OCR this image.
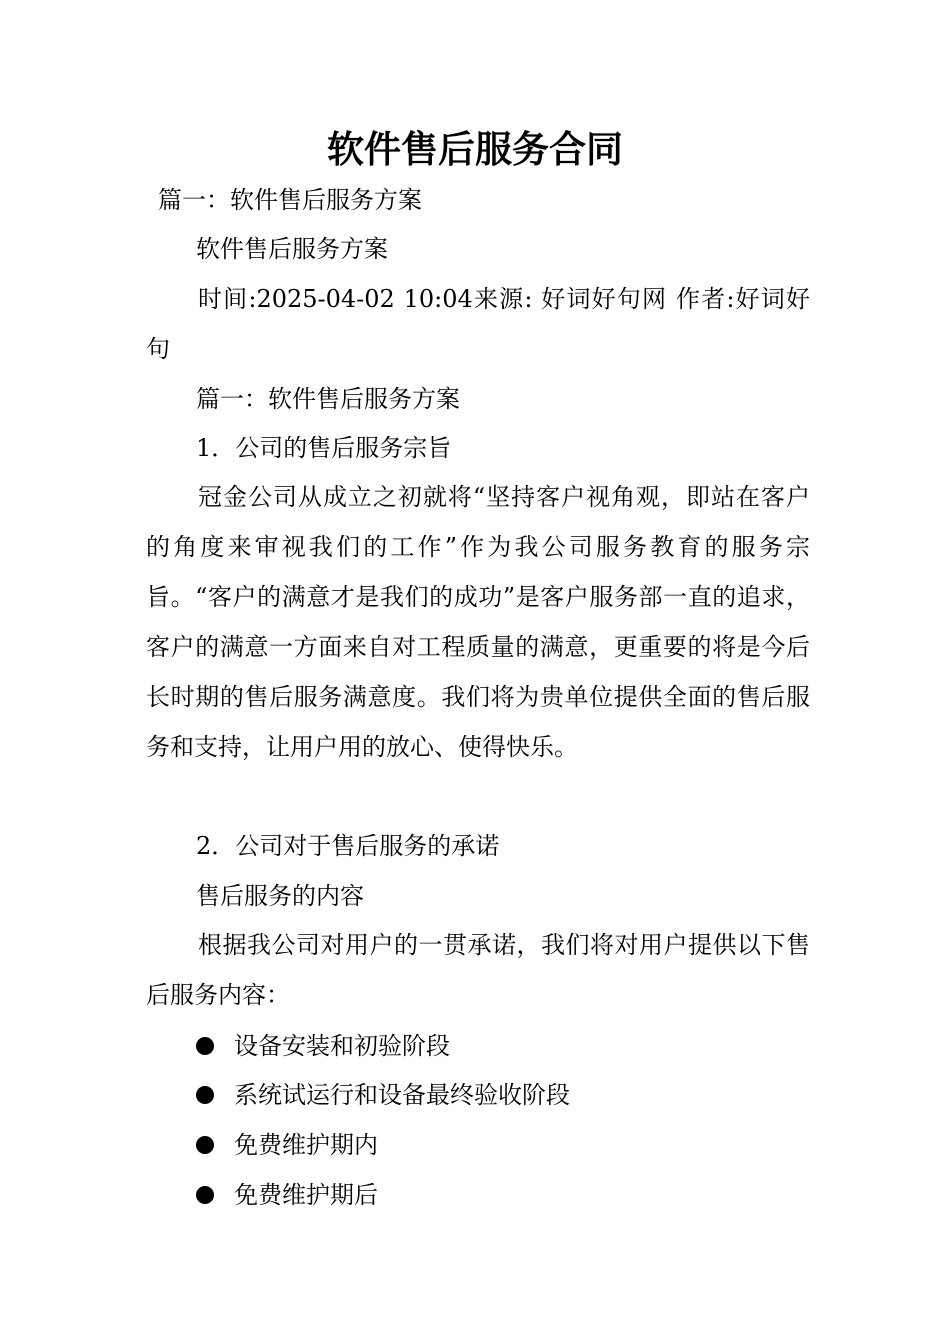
软件售后服务合同
篇一：软件售后服务方案
软件售后服务方案
时间:2025-04-02 10:04来源: 好词好句网 作者:好词好句
篇一：软件售后服务方案
1．公司的售后服务宗旨
冠金公司从成立之初就将“坚持客户视角观，即站在客户的角度来审视我们的工作”作为我公司服务教育的服务宗旨。“客户的满意才是我们的成功”是客户服务部一直的追求，客户的满意一方面来自对工程质量的满意，更重要的将是今后长时期的售后服务满意度。我们将为贵单位提供全面的售后服务和支持，让用户用的放心、使得快乐。
2．公司对于售后服务的承诺
售后服务的内容
根据我公司对用户的一贯承诺，我们将对用户提供以下售后服务内容：
设备安装和初验阶段
系统试运行和设备最终验收阶段
免费维护期内
免费维护期后
